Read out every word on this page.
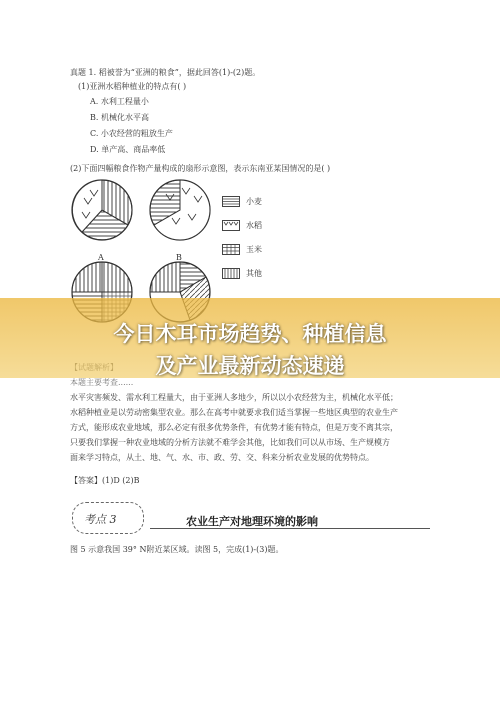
真题 1. 稻被誉为“亚洲的粮食”，据此回答(1)-(2)题。
(1)亚洲水稻种植业的特点有( )
A. 水利工程量小
B. 机械化水平高
C. 小农经营的粗放生产
D. 单产高、商品率低
(2)下面四幅粮食作物产量构成的扇形示意图，表示东南亚某国情况的是( )
A	B
小麦
水稻
玉米
其他
本题主要考查......
水平灾害频发、需水利工程量大，由于亚洲人多地少，所以以小农经营为主，机械化水平低；
水稻种植业是以劳动密集型农业。那么在高考中就要求我们适当掌握一些地区典型的农业生产
方式，能形成农业地域，那么必定有很多优势条件，有优势才能有特点，但是万变不离其宗，
只要我们掌握一种农业地域的分析方法就不难学会其他，比如我们可以从市场、生产规模方
面来学习特点，从土、地、气、水、市、政、劳、交、科来分析农业发展的优势特点。
【答案】(1)D (2)B
考点 3	农业生产对地理环境的影响
图 5 示意我国 39° N附近某区域。读图 5，完成(1)-(3)题。
今日木耳市场趋势、种植信息
及产业最新动态速递
